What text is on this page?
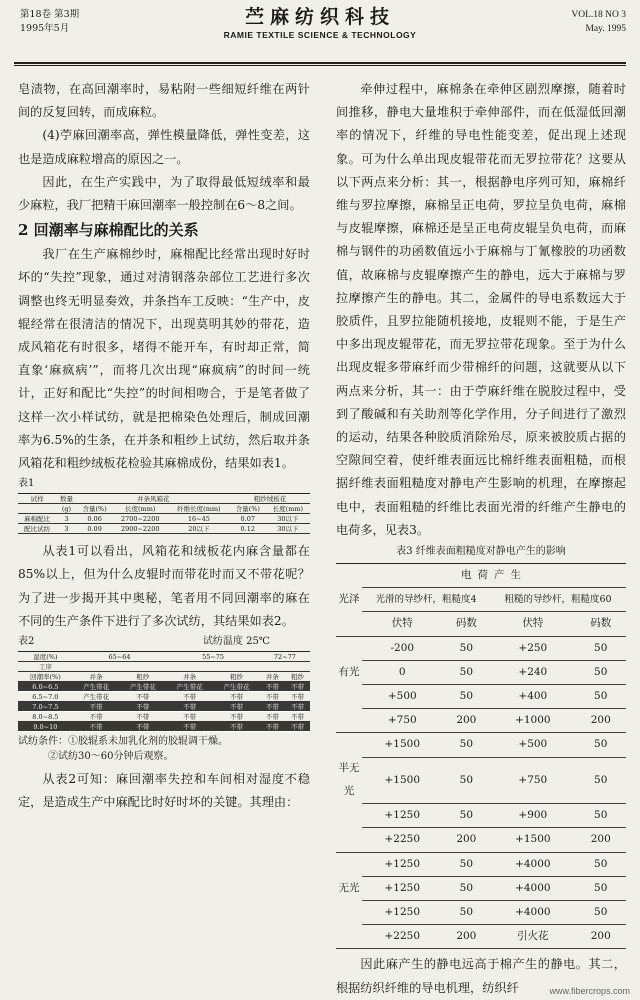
第18卷 第3期
1995年5月
苎麻纺织科技
RAMIE TEXTILE SCIENCE & TECHNOLOGY
VOL.18 NO 3
May. 1995

皂渍物，在高回潮率时，易粘附一些细短纤维在两针间的反复回转，而成麻粒。

(4)苧麻回潮率高，弹性模量降低，弹性变差，这也是造成麻粒增高的原因之一。

因此，在生产实践中，为了取得最低短绒率和最少麻粒，我厂把精干麻回潮率一般控制在6～8之间。

2 回潮率与麻棉配比的关系

我厂在生产麻棉纱时，麻棉配比经常出现时好时坏的“失控”现象，通过对清钢落杂部位工艺进行多次调整也终无明显奏效，并条挡车工反映：“生产中，皮辊经常在很清洁的情况下，出现莫明其妙的带花，造成风箱花有时很多，堵得不能开车，有时却正常，简直象‘麻疯病’”，而将几次出现“麻疯病”的时间一统计，正好和配比“失控”的时间相吻合，于是笔者做了这样一次小样试纺，就是把棉染色处理后，制成回潮率为6.5%的生条，在并条和粗纱上试纺，然后取并条风箱花和粗纱绒板花检验其麻棉成份，结果如表1。

表1
试样	数量	并条风箱花			粗纱绒板花	
	(g)	含量(%)	长度(mm)	纤维长度(mm)	含量(%)	长度(mm)
麻棉配比	3	0.06	2700~2200	16~45	0.07	30以下
配比试纺	3	0.09	2900~2200	20以下	0.12	30以下

从表1可以看出，风箱花和绒板花内麻含量都在85%以上，但为什么皮辊时而带花时而又不带花呢？为了进一步揭开其中奥秘，笔者用不同回潮率的麻在不同的生产条件下进行了多次试纺，其结果如表2。

表2	试纺温度 25℃
湿度(%)	65~64		55~75		72~77	
工序						
回潮率(%)	并条	粗纱	并条	粗纱	并条	粗纱
6.0~6.5	产生带花	产生带花	产生带花	产生带花	不带	不带
6.5~7.0	产生带花	不带	不带	不带	不带	不带
7.0~7.5	不带	不带	不带	不带	不带	不带
8.0~8.5	不带	不带	不带	不带	不带	不带
9.0~10	不带	不带	不带	不带	不带	不带
试纺条件：①胶辊系未加乳化剂的胶辊调干燥。
②试纺30～60分钟后观察。

从表2可知：麻回潮率失控和车间相对湿度不稳定，是造成生产中麻配比时好时坏的关键。其理由：

牵伸过程中，麻棉条在牵伸区剧烈摩擦，随着时间推移，静电大量堆积于牵伸部件，而在低湿低回潮率的情况下，纤维的导电性能变差，促出现上述现象。可为什么单出现皮辊带花而无罗拉带花？这要从以下两点来分析：其一，根据静电序列可知，麻棉纤维与罗拉摩擦，麻棉呈正电荷，罗拉呈负电荷，麻棉与皮辊摩擦，麻棉还是呈正电荷皮辊呈负电荷，而麻棉与钢件的功函数值远小于麻棉与丁氰橡胶的功函数值，故麻棉与皮辊摩擦产生的静电，远大于麻棉与罗拉摩擦产生的静电。其二，金属件的导电系数远大于胶质件，且罗拉能随机接地，皮辊则不能，于是生产中多出现皮辊带花，而无罗拉带花现象。至于为什么出现皮辊多带麻纤而少带棉纤的问题，这就要从以下两点来分析，其一：由于苧麻纤维在脱胶过程中，受到了酸碱和有关助剂等化学作用，分子间进行了激烈的运动，结果各种胶质消除殆尽，原来被胶质占据的空隙间空着，使纤维表面远比棉纤维表面粗糙，而根据纤维表面粗糙度对静电产生影响的机理，在摩擦起电中，表面粗糙的纤维比表面光滑的纤维产生静电的电荷多，见表3。

表3 纤维表面粗糙度对静电产生的影响
	电荷产生			
光泽	光滑的导纱杆，粗糙度4		粗糙的导纱杆，粗糙度60	
	伏特	码数	伏特	码数
	-200	50	+250	50
有光	0	50	+240	50
	+500	50	+400	50
	+750	200	+1000	200
	+1500	50	+500	50
半无光	+1500	50	+750	50
	+1250	50	+900	50
	+2250	200	+1500	200
	+1250	50	+4000	50
无光	+1250	50	+4000	50
	+1250	50	+4000	50
	+2250	200	引火花	200

因此麻产生的静电远高于棉产生的静电。其二，根据纺织纤维的导电机理，纺织纤	www.fibercrops.com
